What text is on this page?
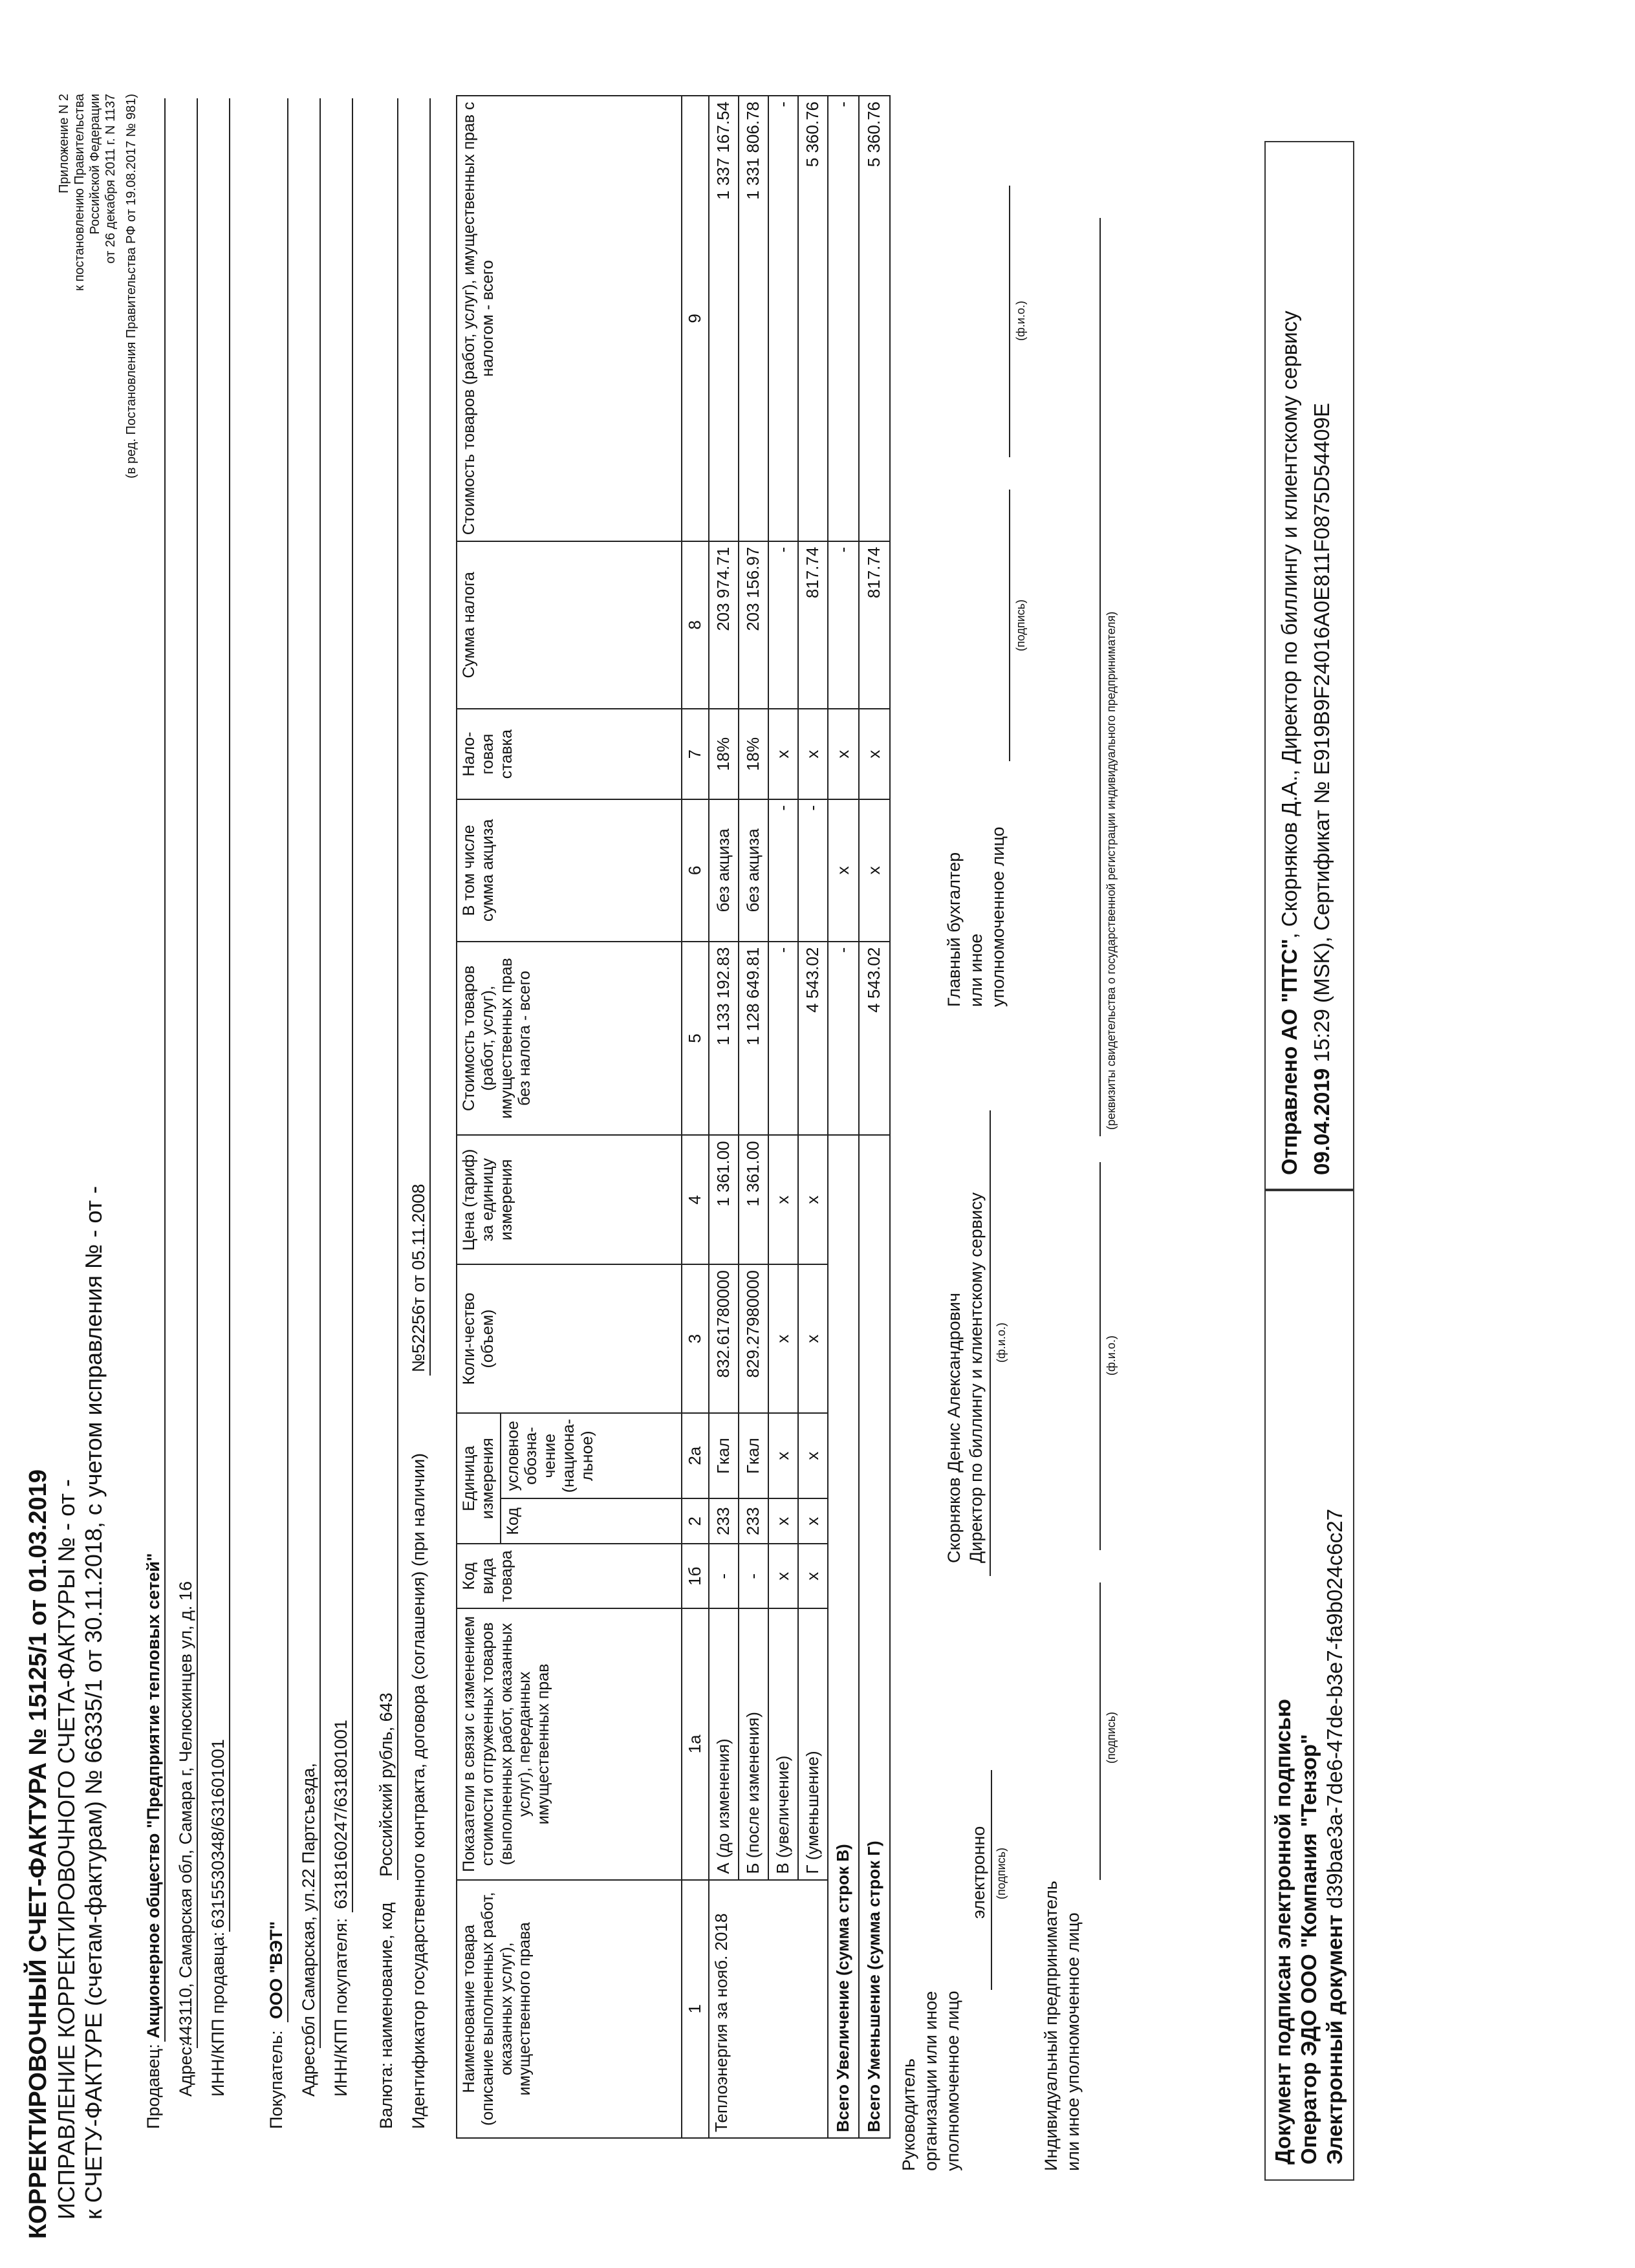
КОРРЕКТИРОВОЧНЫЙ СЧЕТ-ФАКТУРА № 15125/1 от 01.03.2019 ИСПРАВЛЕНИЕ КОРРЕКТИРОВОЧНОГО СЧЕТА-ФАКТУРЫ № - от - к СЧЕТУ-ФАКТУРЕ (счетам-фактурам) № 66335/1 от 30.11.2018, с учетом исправления № - от -
Приложение N 2 к постановлению Правительства Российской Федерации от 26 декабря 2011 г. N 1137 (в ред. Постановления Правительства РФ от 19.08.2017 № 981)
Продавец:
Акционерное общество "Предприятие тепловых сетей"
Адрес:
443110, Самарская обл, Самара г, Челюскинцев ул, д. 16 ИНН/КПП продавца:
6315530348/631601001
Покупатель:
ООО "ВЭТ"
Адрес:
обл Самарская, ул.22 Партсъезда, ИНН/КПП покупателя:
6318160247/631801001
Валюта: наименование, код
Российский рубль, 643 Идентификатор государственного контракта, договора (соглашения) (при наличии)
№52256т от 05.11.2008
Наименование товара (описание выполненных работ, оказанных услуг), имущественного права	Показатели в связи с изменением стоимости отгруженных товаров (выполненных работ, оказанных услуг), переданных имущественных прав	Код вида товара	Единица измерения		Коли-чество (объем)	Цена (тариф) за единицу измерения	Стоимость товаров (работ, услуг), имущественных прав без налога - всего	В том числе сумма акциза	Нало-говая ставка	Сумма налога	Стоимость товаров (работ, услуг), имущественных прав с налогом - всего
			Код	условное обозна-чение (национа-льное)							
1	1а	1б	2	2а	3	4	5	6	7	8	9
Теплоэнергия за нояб. 2018	А (до изменения)	-	233	Гкал	832.61780000	1 361.00	1 133 192.83	без акциза	18%	203 974.71	1 337 167.54
	Б (после изменения)	-	233	Гкал	829.27980000	1 361.00	1 128 649.81	без акциза	18%	203 156.97	1 331 806.78
	В (увеличение)	x	x	x	x	x	-	-	x	-	-
	Г (уменьшение)	x	x	x	x	x	4 543.02	-	x	817.74	5 360.76
Всего Увеличение (сумма строк В)							-	x	x	-	-
Всего Уменьшение (сумма строк Г)							4 543.02	x	x	817.74	5 360.76
Руководитель организации или иное уполномоченное лицо
электронно (подпись)
Скорняков Денис Александрович Директор по биллингу и клиентскому сервису (ф.и.о.)
Главный бухгалтер или иное уполномоченное лицо
(подпись)
(ф.и.о.)
Индивидуальный предприниматель или иное уполномоченное лицо
(подпись)
(ф.и.о.)
(реквизиты свидетельства о государственной регистрации индивидуального предпринимателя)
Документ подписан электронной подписью Оператор ЭДО ООО "Компания "Тензор" Электронный документ d39bae3a-7de6-47de-b3e7-fa9b024c6c27
Отправлено АО "ПТС", Скорняков Д.А., Директор по биллингу и клиентскому сервису
09.04.2019 15:29 (MSK), Сертификат № E919B9F24016A0E811F0875D54409E
